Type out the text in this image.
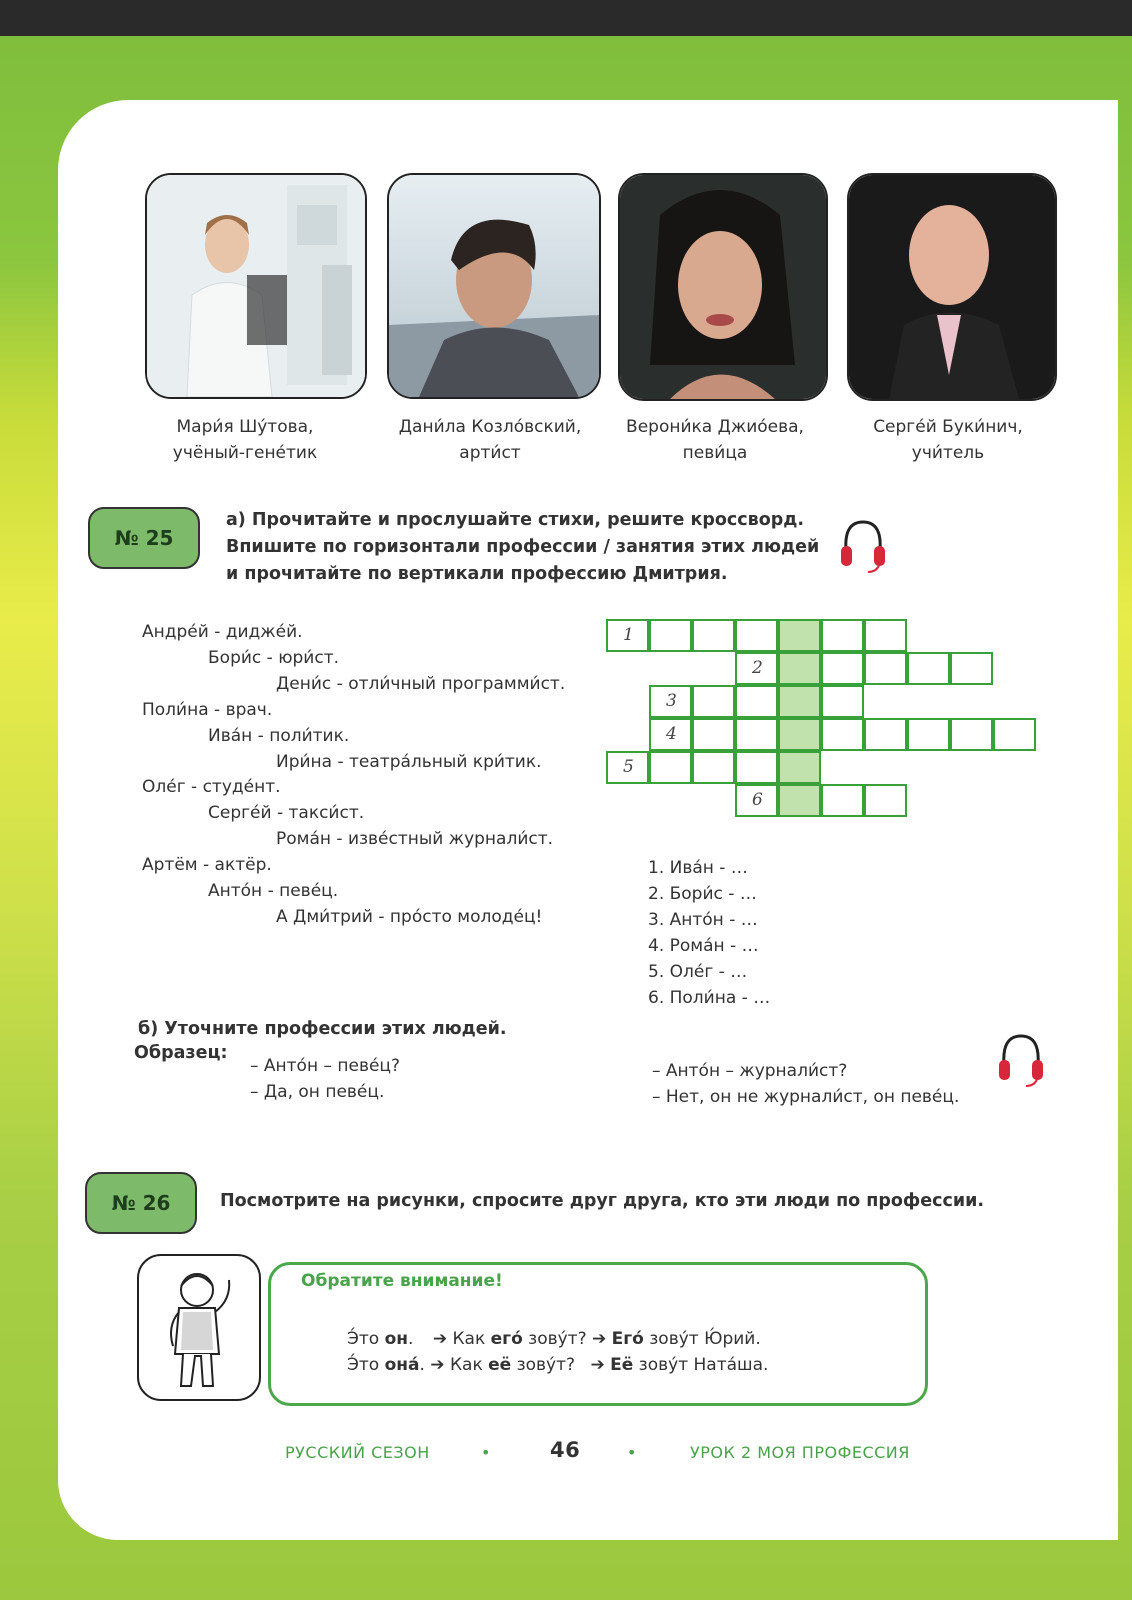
Мари́я Шу́това,
учёный-гене́тик
Дани́ла Козло́вский,
арти́ст
Верони́ка Джио́ева,
певи́ца
Серге́й Буки́нич,
учи́тель
№ 25
а) Прочитайте и прослушайте стихи, решите кроссворд.
Впишите по горизонтали профессии / занятия этих людей
и прочитайте по вертикали профессию Дмитрия.
Андре́й - дидже́й.
Бори́с - юри́ст.
Дени́с - отли́чный программи́ст.
Поли́на - врач.
Ива́н - поли́тик.
Ири́на - театра́льный кри́тик.
Оле́г - студе́нт.
Серге́й - такси́ст.
Рома́н - изве́стный журнали́ст.
Артём - актёр.
Анто́н - певе́ц.
А Дми́трий - про́сто молоде́ц!
1
2
3
4
5
6
1. Ива́н - …
2. Бори́с - …
3. Анто́н - …
4. Рома́н - …
5. Оле́г - …
6. Поли́на - …
б) Уточните профессии этих людей.
Образец:
– Анто́н – певе́ц?
– Да, он певе́ц.
– Анто́н – журнали́ст?
– Нет, он не журнали́ст, он певе́ц.
№ 26	Посмотрите на рисунки, спросите друг друга, кто эти люди по профессии.
Обратите внимание!
Э́то он. ➔ Как его́ зову́т? ➔ Его́ зову́т Ю́рий.
Э́то она́. ➔ Как её зову́т? ➔ Её зову́т Ната́ша.
РУССКИЙ СЕЗОН	•	46	•	УРОК 2 МОЯ ПРОФЕССИЯ
